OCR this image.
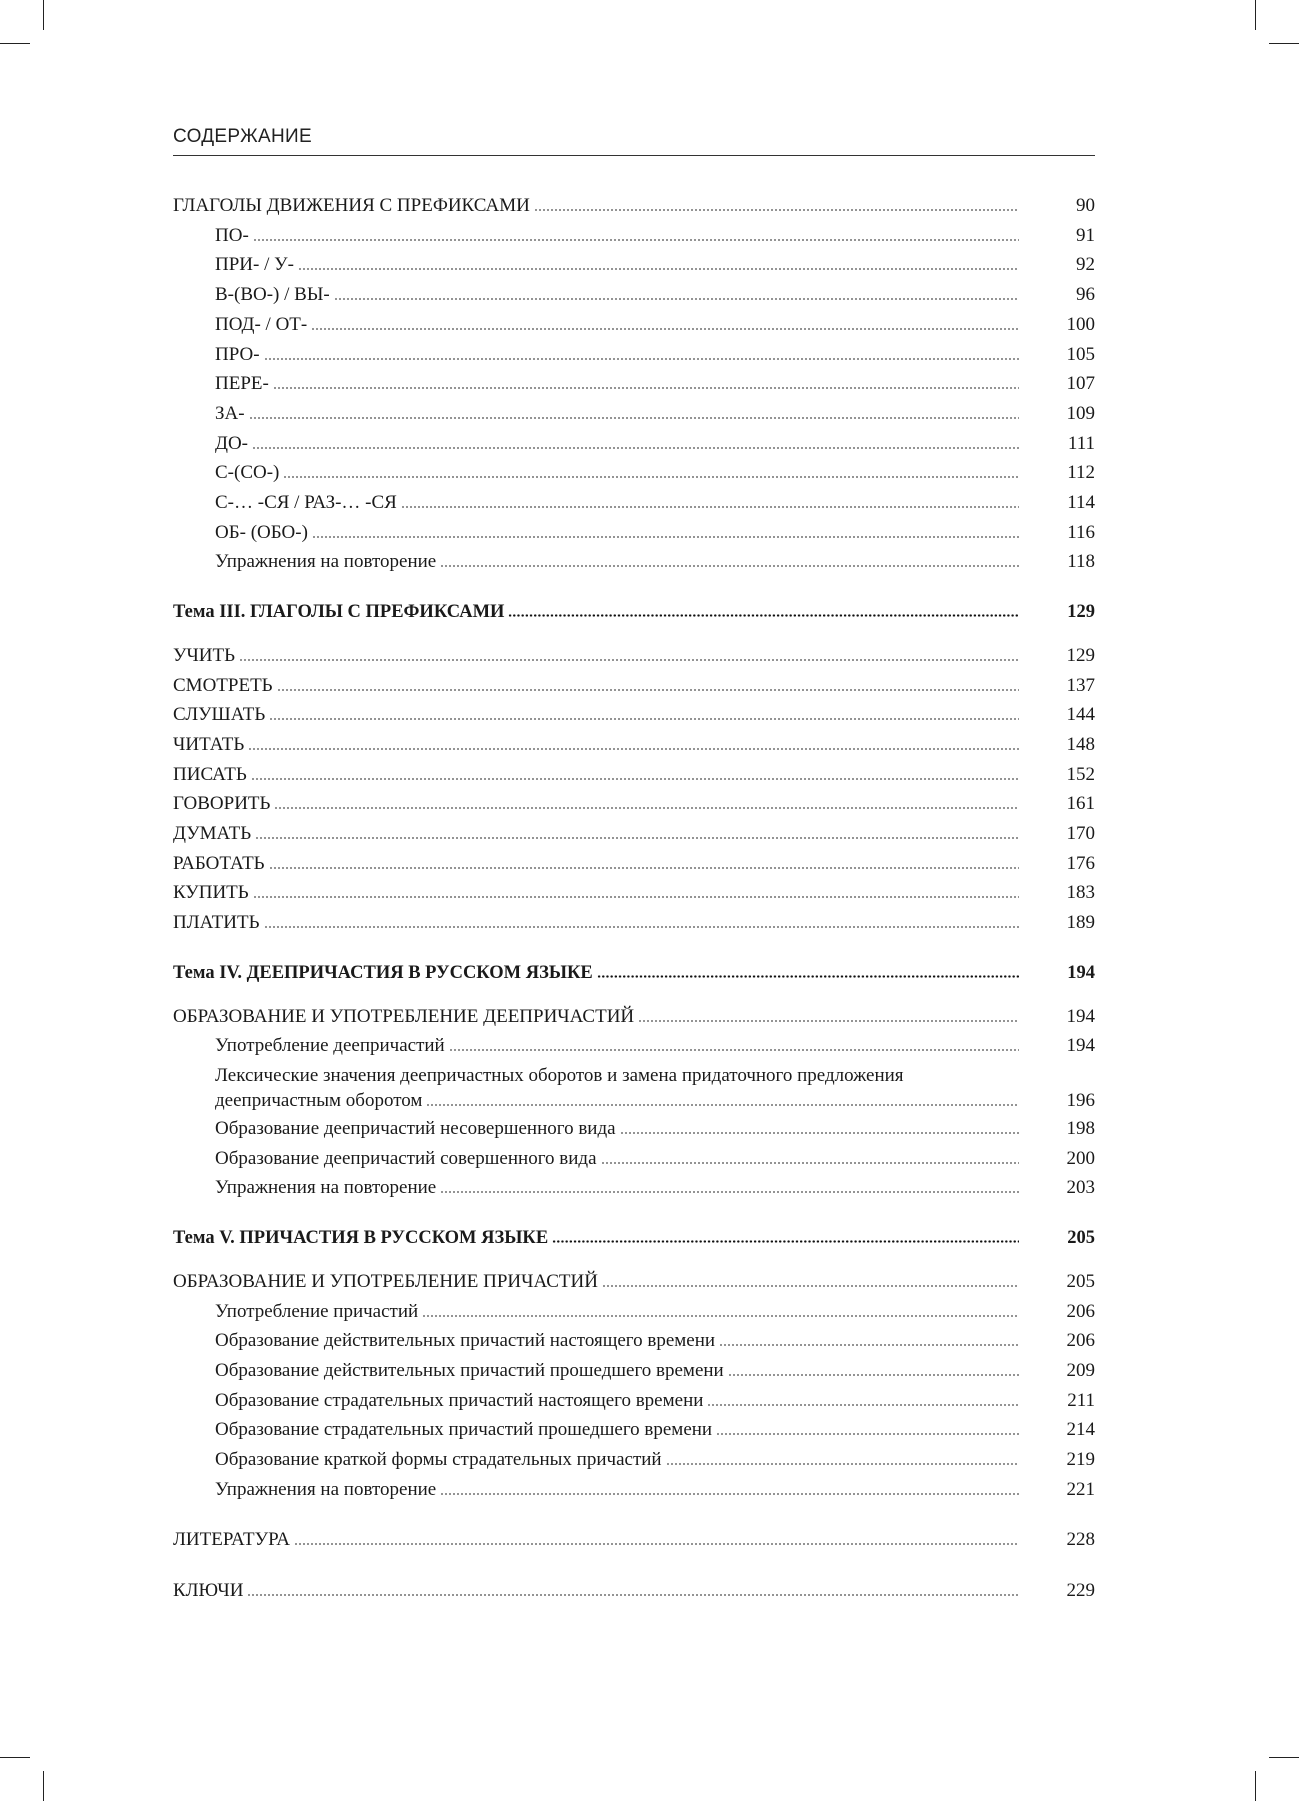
СОДЕРЖАНИЕ
ГЛАГОЛЫ ДВИЖЕНИЯ С ПРЕФИКСАМИ	90
ПО-	91
ПРИ- / У-	92
В-(ВО-) / ВЫ-	96
ПОД- / ОТ-	100
ПРО-	105
ПЕРЕ-	107
ЗА-	109
ДО-	111
С-(СО-)	112
С-… -СЯ / РАЗ-… -СЯ	114
ОБ- (ОБО-)	116
Упражнения на повторение	118
Тема III. ГЛАГОЛЫ С ПРЕФИКСАМИ	129
УЧИТЬ	129
СМОТРЕТЬ	137
СЛУШАТЬ	144
ЧИТАТЬ	148
ПИСАТЬ	152
ГОВОРИТЬ	161
ДУМАТЬ	170
РАБОТАТЬ	176
КУПИТЬ	183
ПЛАТИТЬ	189
Тема IV. ДЕЕПРИЧАСТИЯ В РУССКОМ ЯЗЫКЕ	194
ОБРАЗОВАНИЕ И УПОТРЕБЛЕНИЕ ДЕЕПРИЧАСТИЙ	194
Употребление деепричастий	194
Лексические значения деепричастных оборотов и замена придаточного предложения
деепричастным оборотом	196
Образование деепричастий несовершенного вида	198
Образование деепричастий совершенного вида	200
Упражнения на повторение	203
Тема V. ПРИЧАСТИЯ В РУССКОМ ЯЗЫКЕ	205
ОБРАЗОВАНИЕ И УПОТРЕБЛЕНИЕ ПРИЧАСТИЙ	205
Употребление причастий	206
Образование действительных причастий настоящего времени	206
Образование действительных причастий прошедшего времени	209
Образование страдательных причастий настоящего времени	211
Образование страдательных причастий прошедшего времени	214
Образование краткой формы страдательных причастий	219
Упражнения на повторение	221
ЛИТЕРАТУРА	228
КЛЮЧИ	229
